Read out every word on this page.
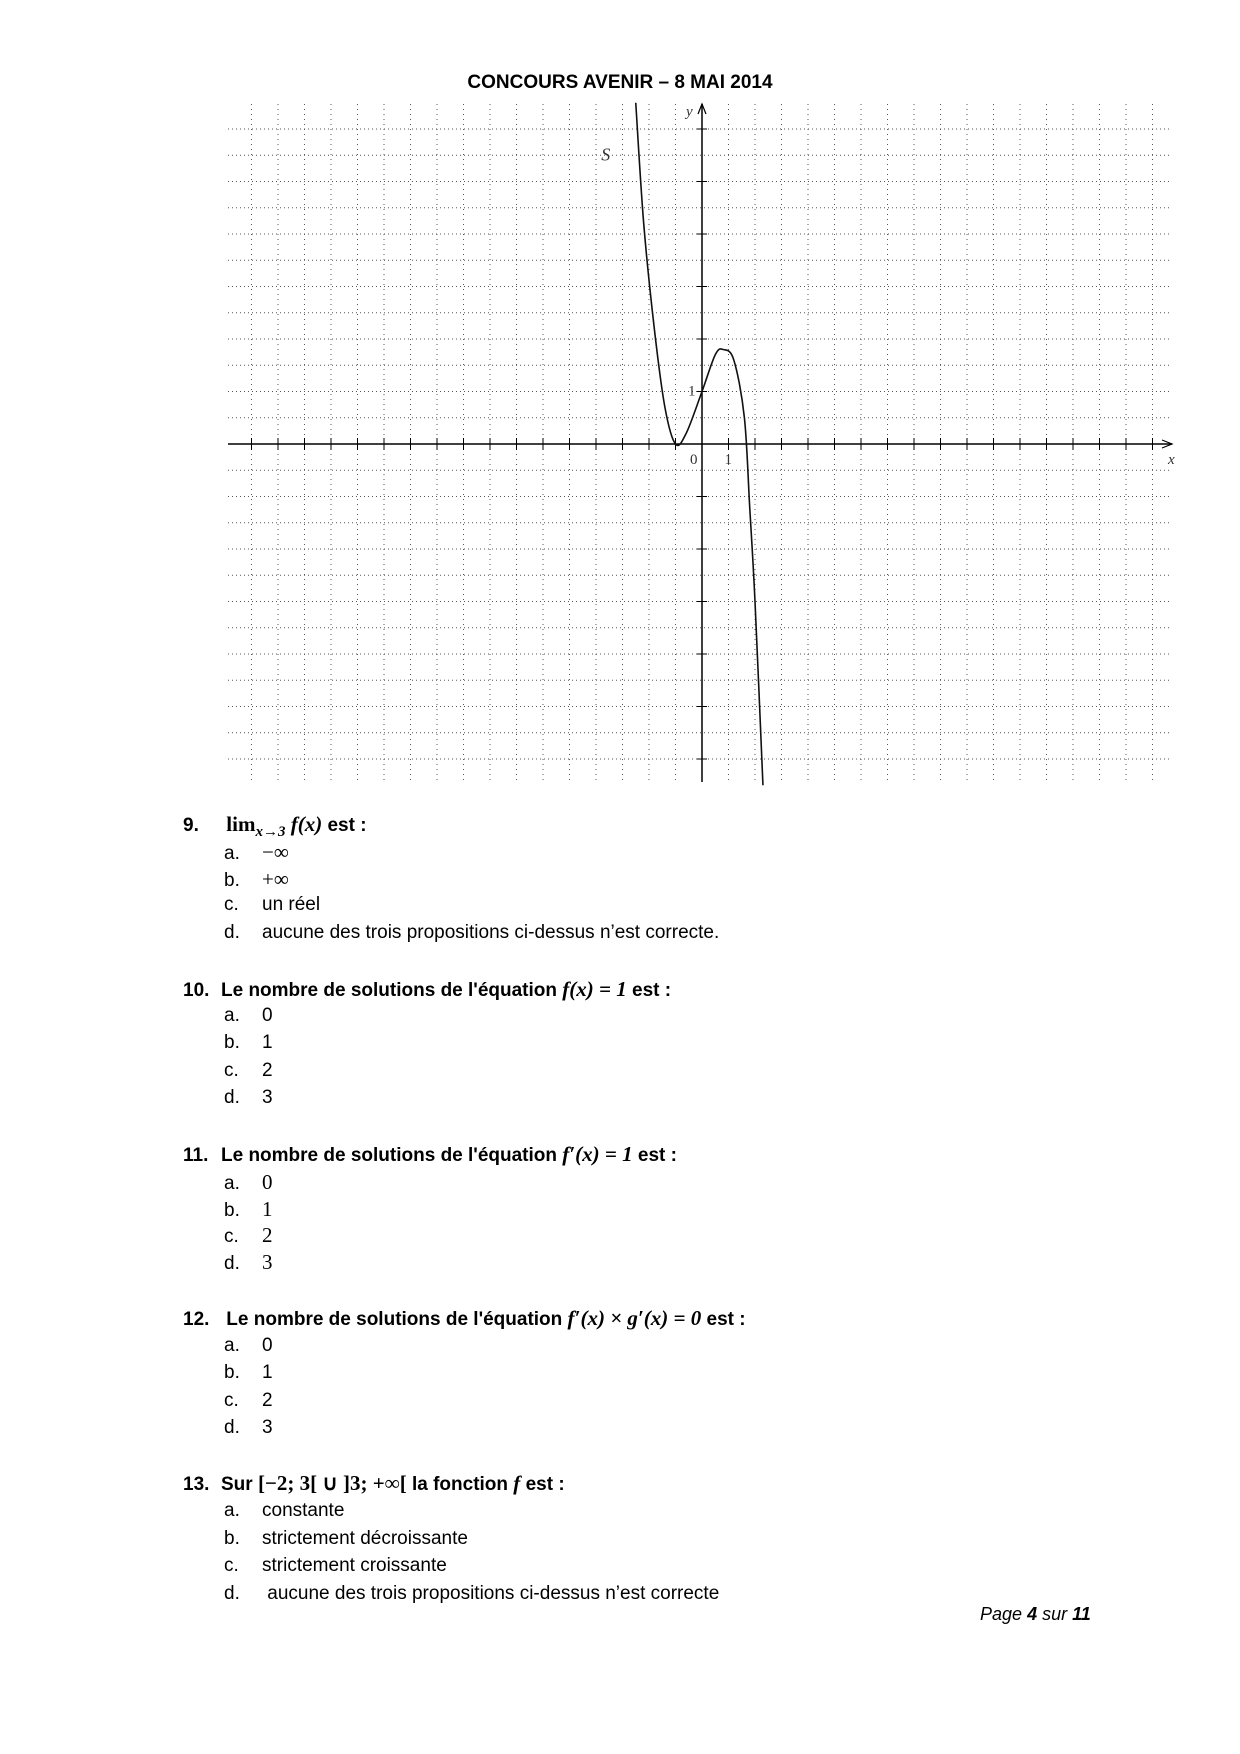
CONCOURS AVENIR – 8 MAI 2014
0 1
1
x
y
S
9. $\lim_{x\to 3} f(x)$ est :
a. −∞
b. +∞
c. un réel
d. aucune des trois propositions ci-dessus n’est correcte.
10. Le nombre de solutions de l'équation f(x) = 1 est :
a. 0
b. 1
c. 2
d. 3
11. Le nombre de solutions de l'équation f′(x) = 1 est :
a. 0
b. 1
c. 2
d. 3
12. Le nombre de solutions de l'équation f′(x) × g′(x) = 0 est :
a. 0
b. 1
c. 2
d. 3
13. Sur [−2; 3[ ∪ ]3; +∞[ la fonction f est :
a. constante
b. strictement décroissante
c. strictement croissante
d. aucune des trois propositions ci-dessus n’est correcte
Page 4 sur 11
